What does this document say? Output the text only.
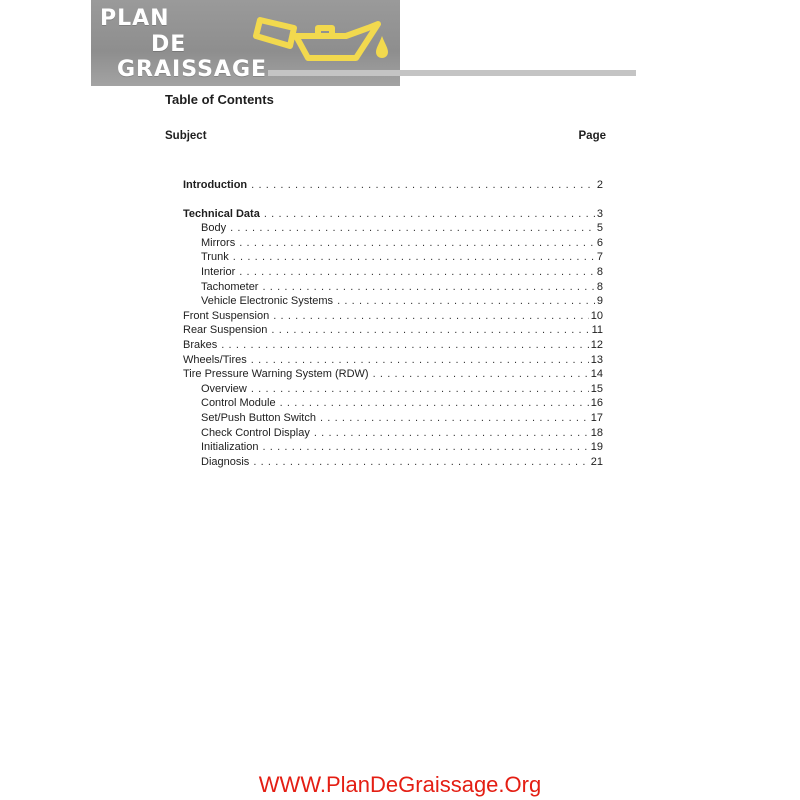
PLAN
DE
GRAISSAGE
Table of Contents
Subject	Page
Introduction . . .	2
Technical Data . . .	3
Body . . .	5
Mirrors . . .	6
Trunk . . .	7
Interior . . .	8
Tachometer . . .	8
Vehicle Electronic Systems . . .	9
Front Suspension . . .	10
Rear Suspension . . .	11
Brakes . . .	12
Wheels/Tires . . .	13
Tire Pressure Warning System (RDW) . . .	14
Overview . . .	15
Control Module . . .	16
Set/Push Button Switch . . .	17
Check Control Display . . .	18
Initialization . . .	19
Diagnosis . . .	21
WWW.PlanDeGraissage.Org
